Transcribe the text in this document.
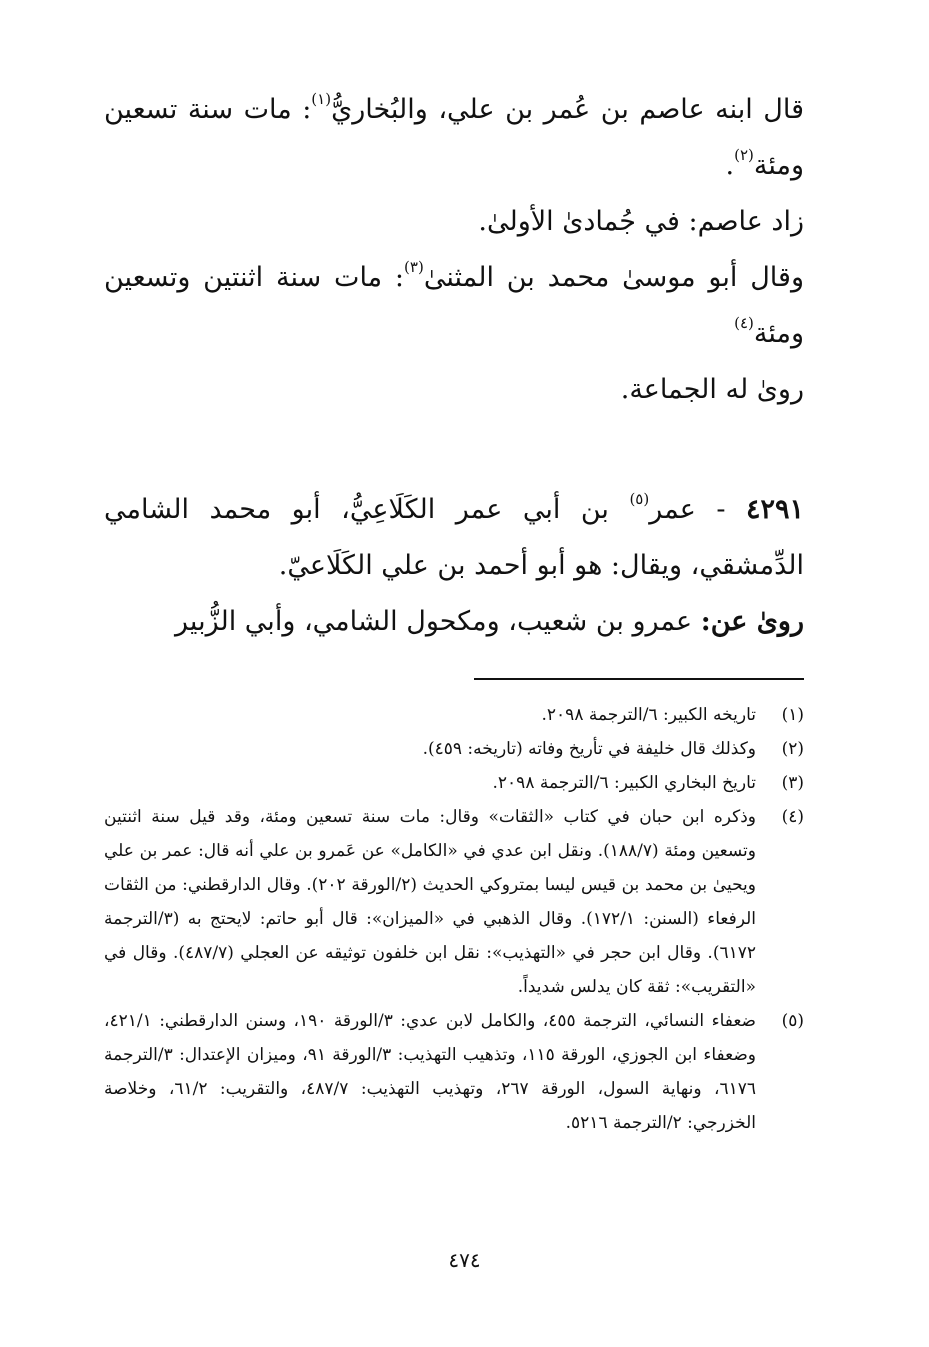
قال ابنه عاصم بن عُمر بن علي، والبُخاريُّ$^{(١)}$: مات سنة تسعين ومئة$^{(٢)}$.

زاد عاصم: في جُمادىٰ الأولىٰ.

وقال أبو موسىٰ محمد بن المثنىٰ$^{(٣)}$: مات سنة اثنتين وتسعين ومئة$^{(٤)}$

رویٰ له الجماعة.

٤٢٩١ - عمر$^{(٥)}$ بن أبي عمر الكَلَاعِيُّ، أبو محمد الشامي الدِّمشقي، ويقال: هو أبو أحمد بن علي الكَلَاعيّ.

رویٰ عن: عمرو بن شعيب، ومكحول الشامي، وأبي الزُّبير

(١)
تاريخه الكبير: ٦/الترجمة ٢٠٩٨.
(٢)
وكذلك قال خليفة في تأريخ وفاته (تاريخه: ٤٥٩).
(٣)
تاريخ البخاري الكبير: ٦/الترجمة ٢٠٩٨.
(٤)
وذكره ابن حبان في كتاب «الثقات» وقال: مات سنة تسعين ومئة، وقد قيل سنة اثنتين وتسعين ومئة (١٨٨/٧). ونقل ابن عدي في «الكامل» عن عَمرو بن علي أنه قال: عمر بن علي ويحيىٰ بن محمد بن قيس ليسا بمتروكي الحديث (٢/الورقة ٢٠٢). وقال الدارقطني: من الثقات الرفعاء (السنن: ١٧٢/١). وقال الذهبي في «الميزان»: قال أبو حاتم: لايحتج به (٣/الترجمة ٦١٧٢). وقال ابن حجر في «التهذيب»: نقل ابن خلفون توثيقه عن العجلي (٤٨٧/٧). وقال في «التقريب»: ثقة كان يدلس شديداً.
(٥)
ضعفاء النسائي، الترجمة ٤٥٥، والكامل لابن عدي: ٣/الورقة ١٩٠، وسنن الدارقطني: ٤٢١/١، وضعفاء ابن الجوزي، الورقة ١١٥، وتذهيب التهذيب: ٣/الورقة ٩١، وميزان الإعتدال: ٣/الترجمة ٦١٧٦، ونهاية السول، الورقة ٢٦٧، وتهذيب التهذيب: ٤٨٧/٧، والتقريب: ٦١/٢، وخلاصة الخزرجي: ٢/الترجمة ٥٢١٦.
٤٧٤
